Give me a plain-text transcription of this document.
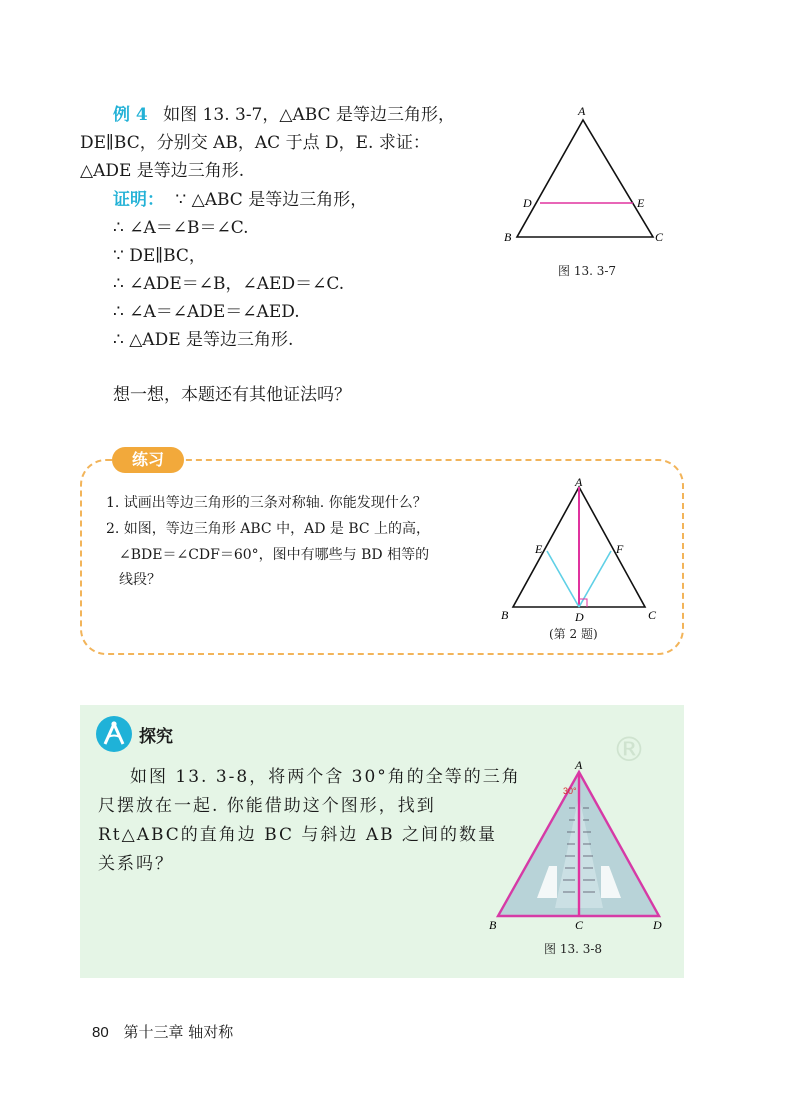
例 4 如图 13. 3-7，△ABC 是等边三角形，
DE∥BC，分别交 AB，AC 于点 D，E. 求证：
△ADE 是等边三角形.
证明： ∵ △ABC 是等边三角形，
∴ ∠A＝∠B＝∠C.
∵ DE∥BC，
∴ ∠ADE＝∠B，∠AED＝∠C.
∴ ∠A＝∠ADE＝∠AED.
∴ △ADE 是等边三角形.
想一想，本题还有其他证法吗？
A
B	C
D	E
图 13. 3-7
练习
1. 试画出等边三角形的三条对称轴. 你能发现什么？
2. 如图，等边三角形 ABC 中，AD 是 BC 上的高，
∠BDE＝∠CDF＝60°，图中有哪些与 BD 相等的
线段？
A
B	C
D
E	F
(第 2 题)
®
探究
如图 13. 3-8，将两个含 30°角的全等的三角
尺摆放在一起. 你能借助这个图形，找到
Rt△ABC的直角边 BC 与斜边 AB 之间的数量
关系吗？
30°
A
B	C	D
图 13. 3-8
80 第十三章 轴对称
